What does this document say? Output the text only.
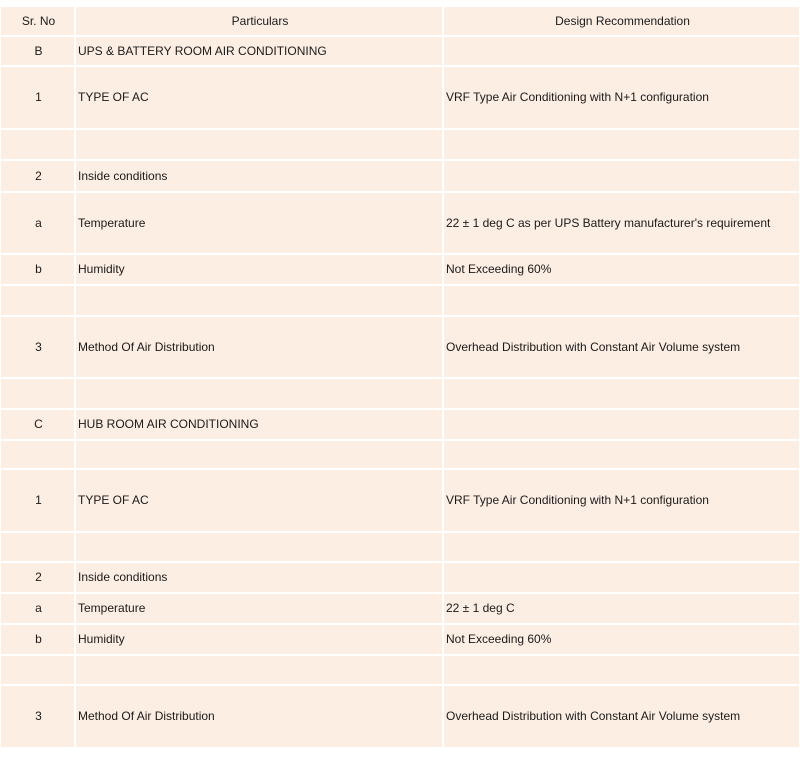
Sr. No	Particulars	Design Recommendation
B	UPS & BATTERY ROOM AIR CONDITIONING	
1	TYPE OF AC	VRF Type Air Conditioning with N+1 configuration

2	Inside conditions	
a	Temperature	22 ± 1 deg C as per UPS Battery manufacturer's requirement
b	Humidity	Not Exceeding 60%

3	Method Of Air Distribution	Overhead Distribution with Constant Air Volume system

C	HUB ROOM AIR CONDITIONING	

1	TYPE OF AC	VRF Type Air Conditioning with N+1 configuration

2	Inside conditions	
a	Temperature	22 ± 1 deg C
b	Humidity	Not Exceeding 60%

3	Method Of Air Distribution	Overhead Distribution with Constant Air Volume system
